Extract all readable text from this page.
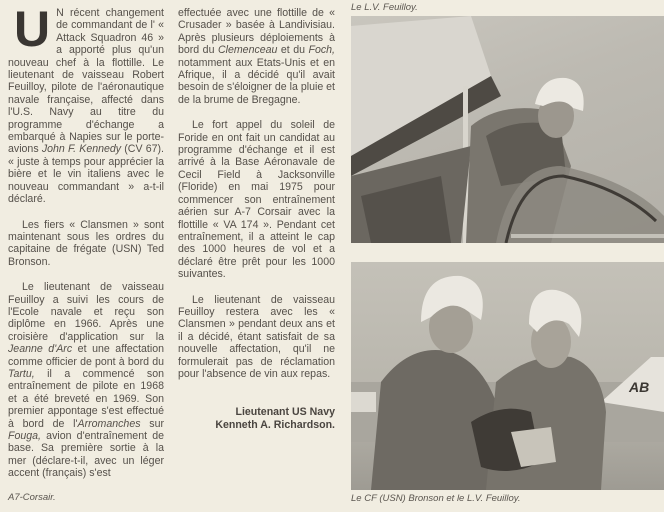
U N récent changement de commandant de l' « Attack Squadron 46 » a apporté plus qu'un nouveau chef à la flottille. Le lieutenant de vaisseau Robert Feuilloy, pilote de l'aéronautique navale française, affecté dans l'U.S. Navy au titre du programme d'échange a embarqué à Napies sur le porte-avions John F. Kennedy (CV 67). « juste à temps pour apprécier la bière et le vin italiens avec le nouveau commandant » a-t-il déclaré.

Les fiers « Clansmen » sont maintenant sous les ordres du capitaine de frégate (USN) Ted Bronson.

Le lieutenant de vaisseau Feuilloy a suivi les cours de l'Ecole navale et reçu son diplôme en 1966. Après une croisière d'application sur la Jeanne d'Arc et une affectation comme officier de pont à bord du Tartu, il a commencé son entraînement de pilote en 1968 et a été breveté en 1969. Son premier appontage s'est effectué à bord de l'Arromanches sur Fouga, avion d'entraînement de base. Sa première sortie à la mer (déclare-t-il, avec un léger accent (français) s'est

effectuée avec une flottille de « Crusader » basée à Landivisiau. Après plusieurs déploiements à bord du Clemenceau et du Foch, notamment aux Etats-Unis et en Afrique, il a décidé qu'il avait besoin de s'éloigner de la pluie et de la brume de Bregagne.

Le fort appel du soleil de Foride en ont fait un candidat au programme d'échange et il est arrivé à la Base Aéronavale de Cecil Field à Jacksonville (Floride) en mai 1975 pour commencer son entraînement aérien sur A-7 Corsair avec la flottille « VA 174 ». Pendant cet entraînement, il a atteint le cap des 1000 heures de vol et a déclaré être prêt pour les 1000 suivantes.

Le lieutenant de vaisseau Feuilloy restera avec les « Clansmen » pendant deux ans et il a décidé, étant satisfait de sa nouvelle affectation, qu'il ne formulerait pas de réclamation pour l'absence de vin aux repas.

Lieutenant US Navy
Kenneth A. Richardson.
A7-Corsair.
Le L.V. Feuilloy.
AB
Le CF (USN) Bronson et le L.V. Feuilloy.
